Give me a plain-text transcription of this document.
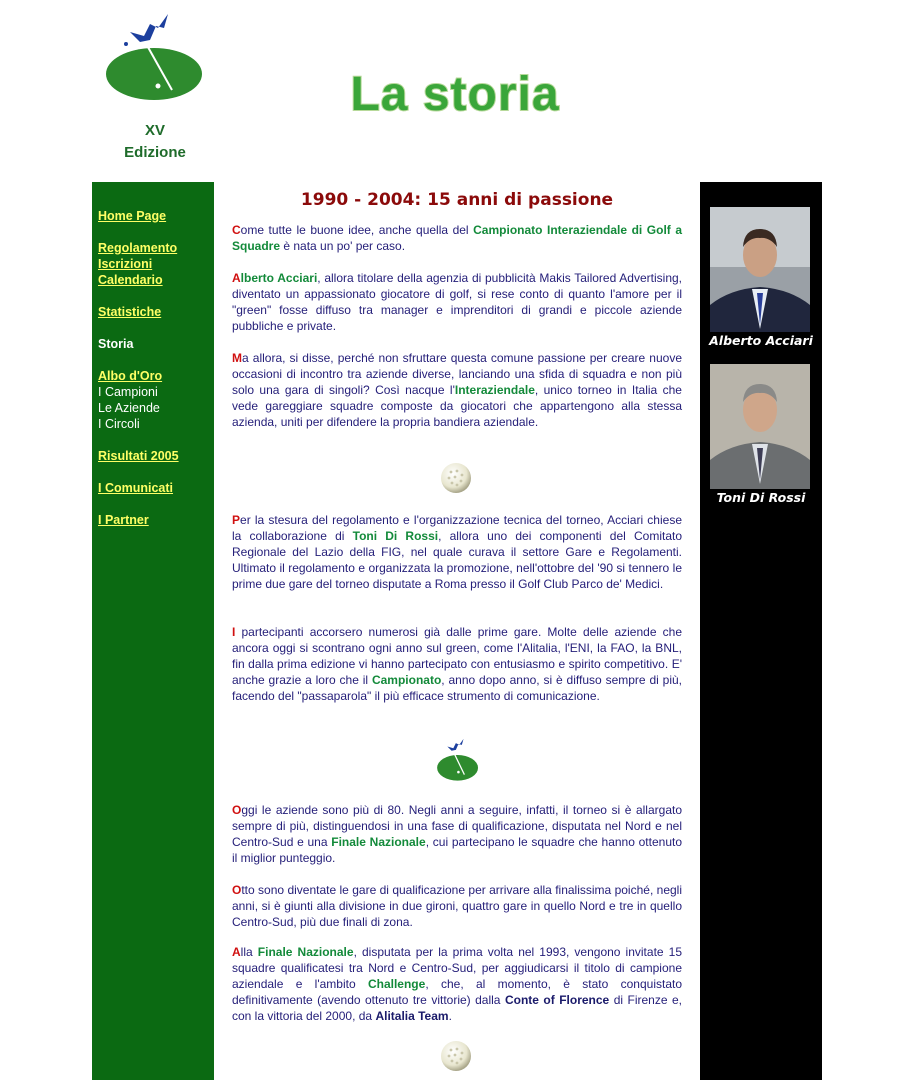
XV
Edizione
La storia
Home Page
Regolamento
Iscrizioni
Calendario
Statistiche
Storia
Albo d'Oro
I Campioni
Le Aziende
I Circoli
Risultati 2005
I Comunicati
I Partner
1990 - 2004: 15 anni di passione

Come tutte le buone idee, anche quella del Campionato Interaziendale di Golf a Squadre è nata un po' per caso.

Alberto Acciari, allora titolare della agenzia di pubblicità Makis Tailored Advertising, diventato un appassionato giocatore di golf, si rese conto di quanto l'amore per il "green" fosse diffuso tra manager e imprenditori di grandi e piccole aziende pubbliche e private.

Ma allora, si disse, perché non sfruttare questa comune passione per creare nuove occasioni di incontro tra aziende diverse, lanciando una sfida di squadra e non più solo una gara di singoli? Così nacque l'Interaziendale, unico torneo in Italia che vede gareggiare squadre composte da giocatori che appartengono alla stessa azienda, uniti per difendere la propria bandiera aziendale.

Per la stesura del regolamento e l'organizzazione tecnica del torneo, Acciari chiese la collaborazione di Toni Di Rossi, allora uno dei componenti del Comitato Regionale del Lazio della FIG, nel quale curava il settore Gare e Regolamenti. Ultimato il regolamento e organizzata la promozione, nell'ottobre del '90 si tennero le prime due gare del torneo disputate a Roma presso il Golf Club Parco de' Medici.

I partecipanti accorsero numerosi già dalle prime gare. Molte delle aziende che ancora oggi si scontrano ogni anno sul green, come l'Alitalia, l'ENI, la FAO, la BNL, fin dalla prima edizione vi hanno partecipato con entusiasmo e spirito competitivo. E' anche grazie a loro che il Campionato, anno dopo anno, si è diffuso sempre di più, facendo del "passaparola" il più efficace strumento di comunicazione.

Oggi le aziende sono più di 80. Negli anni a seguire, infatti, il torneo si è allargato sempre di più, distinguendosi in una fase di qualificazione, disputata nel Nord e nel Centro-Sud e una Finale Nazionale, cui partecipano le squadre che hanno ottenuto il miglior punteggio.

Otto sono diventate le gare di qualificazione per arrivare alla finalissima poiché, negli anni, si è giunti alla divisione in due gironi, quattro gare in quello Nord e tre in quello Centro-Sud, più due finali di zona.

Alla Finale Nazionale, disputata per la prima volta nel 1993, vengono invitate 15 squadre qualificatesi tra Nord e Centro-Sud, per aggiudicarsi il titolo di campione aziendale e l'ambito Challenge, che, al momento, è stato conquistato definitivamente (avendo ottenuto tre vittorie) dalla Conte of Florence di Firenze e, con la vittoria del 2000, da Alitalia Team.

Alberto Acciari
Toni Di Rossi
